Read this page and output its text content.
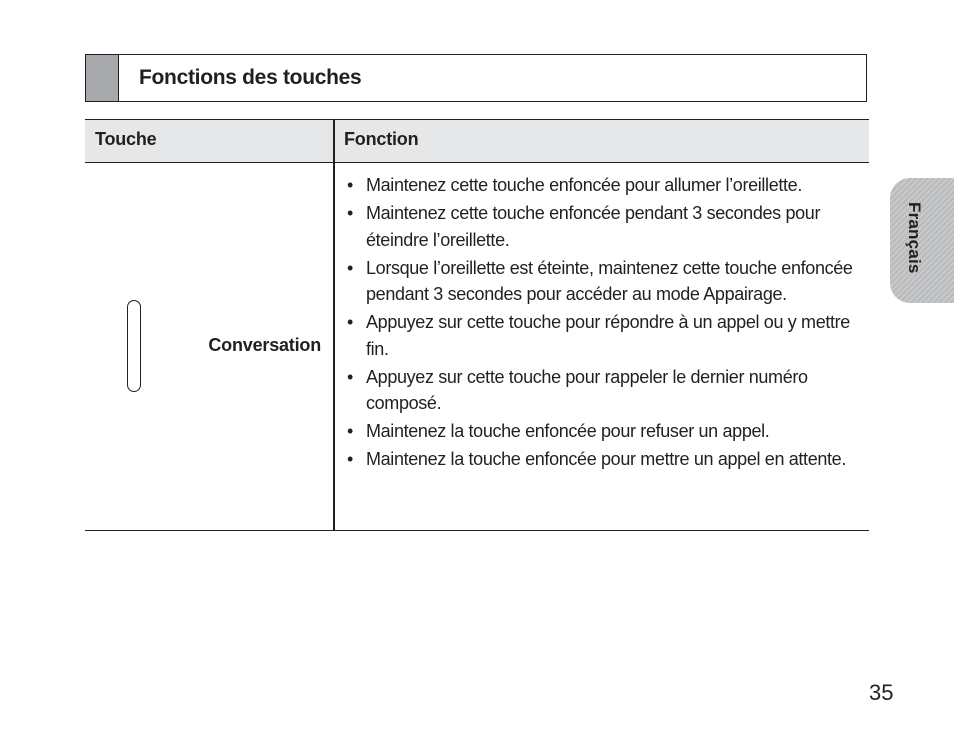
Fonctions des touches
Touche	Fonction
Conversation
• Maintenez cette touche enfoncée pour allumer l’oreillette.
• Maintenez cette touche enfoncée pendant 3 secondes pour éteindre l’oreillette.
• Lorsque l’oreillette est éteinte, maintenez cette touche enfoncée pendant 3 secondes pour accéder au mode Appairage.
• Appuyez sur cette touche pour répondre à un appel ou y mettre fin.
• Appuyez sur cette touche pour rappeler le dernier numéro composé.
• Maintenez la touche enfoncée pour refuser un appel.
• Maintenez la touche enfoncée pour mettre un appel en attente.
Français
35
